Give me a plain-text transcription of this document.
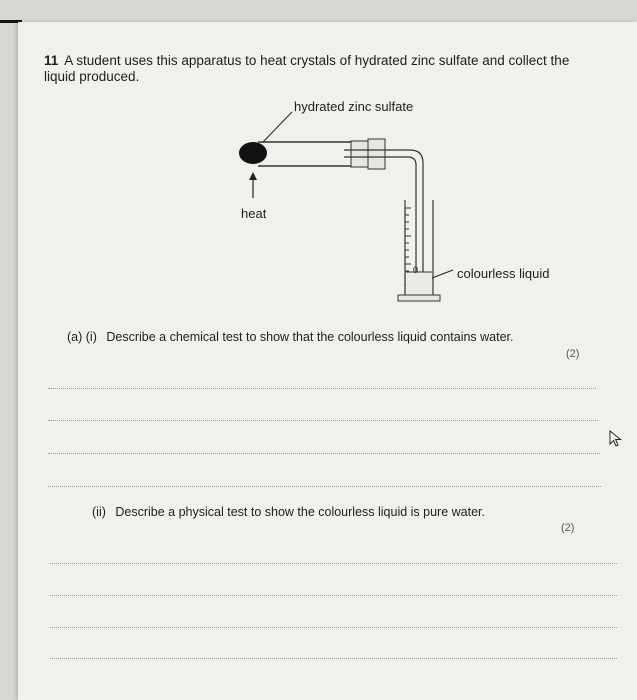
11 A student uses this apparatus to heat crystals of hydrated zinc sulfate and collect the liquid produced.
hydrated zinc sulfate
heat
colourless liquid
0
(a) (i) Describe a chemical test to show that the colourless liquid contains water.
(2)
(ii) Describe a physical test to show the colourless liquid is pure water.
(2)
